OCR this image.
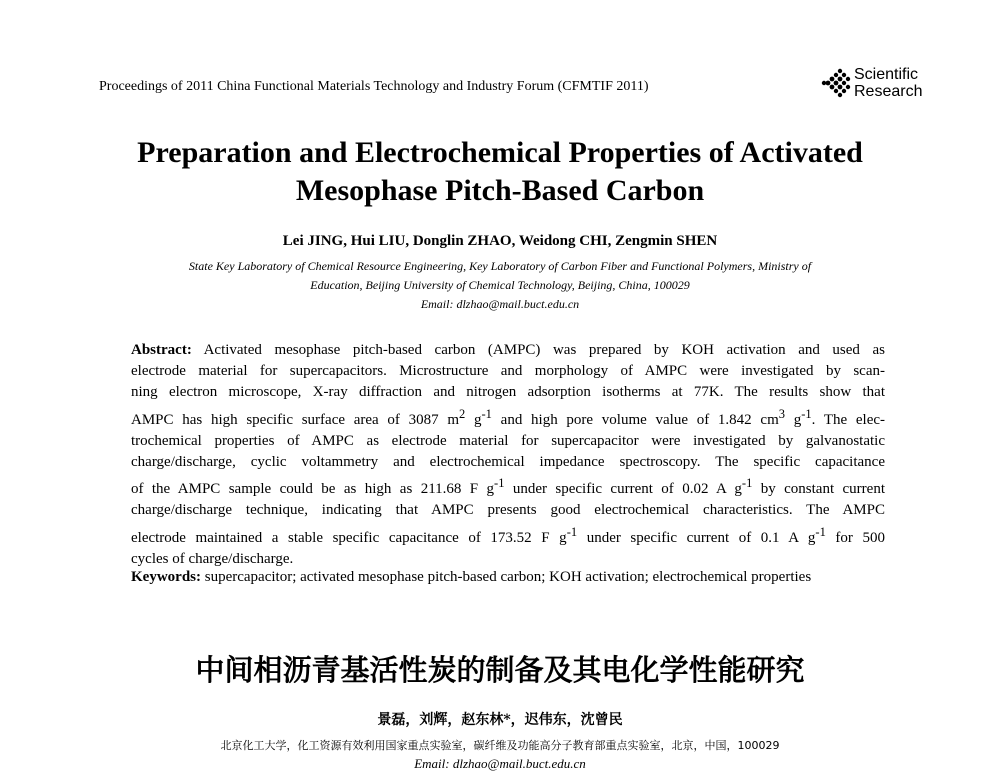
Proceedings of 2011 China Functional Materials Technology and Industry Forum (CFMTIF 2011)
Scientific
Research
Preparation and Electrochemical Properties of Activated
Mesophase Pitch-Based Carbon
Lei JING, Hui LIU, Donglin ZHAO, Weidong CHI, Zengmin SHEN
State Key Laboratory of Chemical Resource Engineering, Key Laboratory of Carbon Fiber and Functional Polymers, Ministry of
Education, Beijing University of Chemical Technology, Beijing, China, 100029
Email: dlzhao@mail.buct.edu.cn
Abstract: Activated mesophase pitch-based carbon (AMPC) was prepared by KOH activation and used as
electrode material for supercapacitors. Microstructure and morphology of AMPC were investigated by scan-
ning electron microscope, X-ray diffraction and nitrogen adsorption isotherms at 77K. The results show that
AMPC has high specific surface area of 3087 $m^2$ $g^{-1}$ and high pore volume value of 1.842 $cm^3$ $g^{-1}$. The elec-
trochemical properties of AMPC as electrode material for supercapacitor were investigated by galvanostatic
charge/discharge, cyclic voltammetry and electrochemical impedance spectroscopy. The specific capacitance
of the AMPC sample could be as high as 211.68 F $g^{-1}$ under specific current of 0.02 A $g^{-1}$ by constant current
charge/discharge technique, indicating that AMPC presents good electrochemical characteristics. The AMPC
electrode maintained a stable specific capacitance of 173.52 F $g^{-1}$ under specific current of 0.1 A $g^{-1}$ for 500
cycles of charge/discharge.
Keywords: supercapacitor; activated mesophase pitch-based carbon; KOH activation; electrochemical properties
中间相沥青基活性炭的制备及其电化学性能研究
景磊，刘辉，赵东林*，迟伟东，沈曾民
北京化工大学，化工资源有效利用国家重点实验室，碳纤维及功能高分子教育部重点实验室，北京，中国，100029
Email: dlzhao@mail.buct.edu.cn
